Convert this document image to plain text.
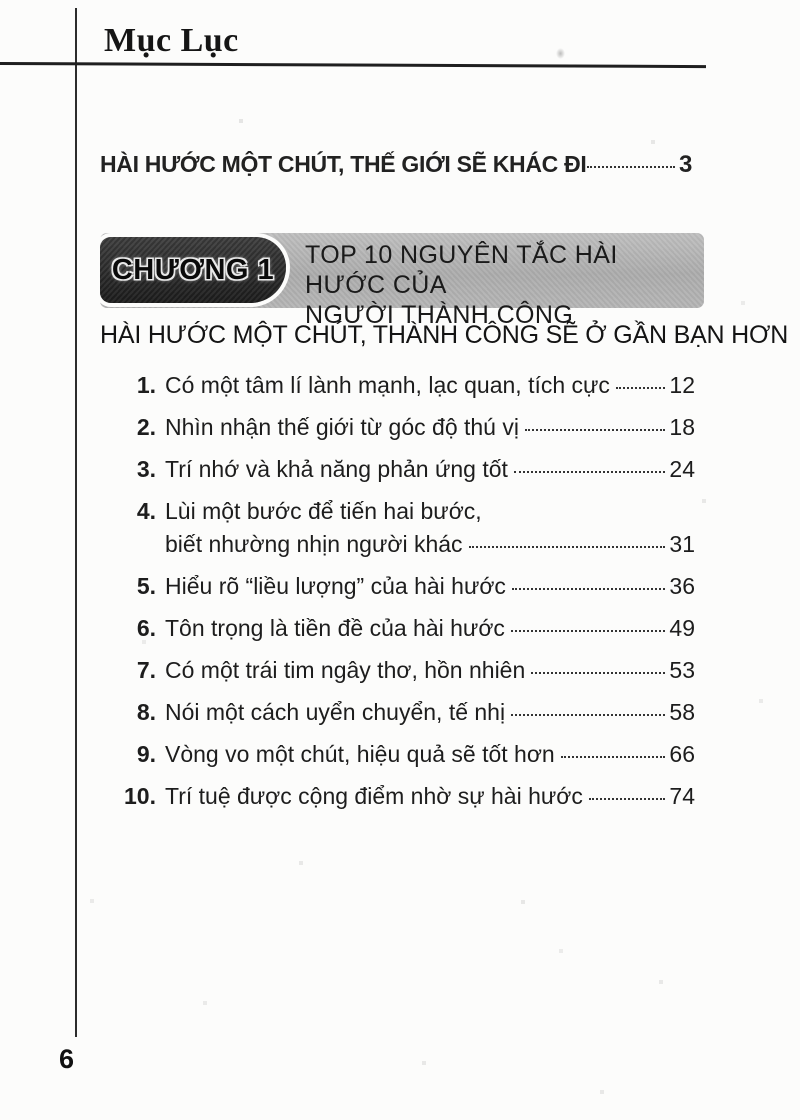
Mục Lục
HÀI HƯỚC MỘT CHÚT, THẾ GIỚI SẼ KHÁC ĐI	3
CHƯƠNG 1 TOP 10 NGUYÊN TẮC HÀI HƯỚC CỦA
NGƯỜI THÀNH CÔNG
HÀI HƯỚC MỘT CHÚT, THÀNH CÔNG SẼ Ở GẦN BẠN HƠN
1. Có một tâm lí lành mạnh, lạc quan, tích cực	12
2. Nhìn nhận thế giới từ góc độ thú vị	18
3. Trí nhớ và khả năng phản ứng tốt	24
4. Lùi một bước để tiến hai bước,
biết nhường nhịn người khác	31
5. Hiểu rõ “liều lượng” của hài hước	36
6. Tôn trọng là tiền đề của hài hước	49
7. Có một trái tim ngây thơ, hồn nhiên	53
8. Nói một cách uyển chuyển, tế nhị	58
9. Vòng vo một chút, hiệu quả sẽ tốt hơn	66
10. Trí tuệ được cộng điểm nhờ sự hài hước	74
6
